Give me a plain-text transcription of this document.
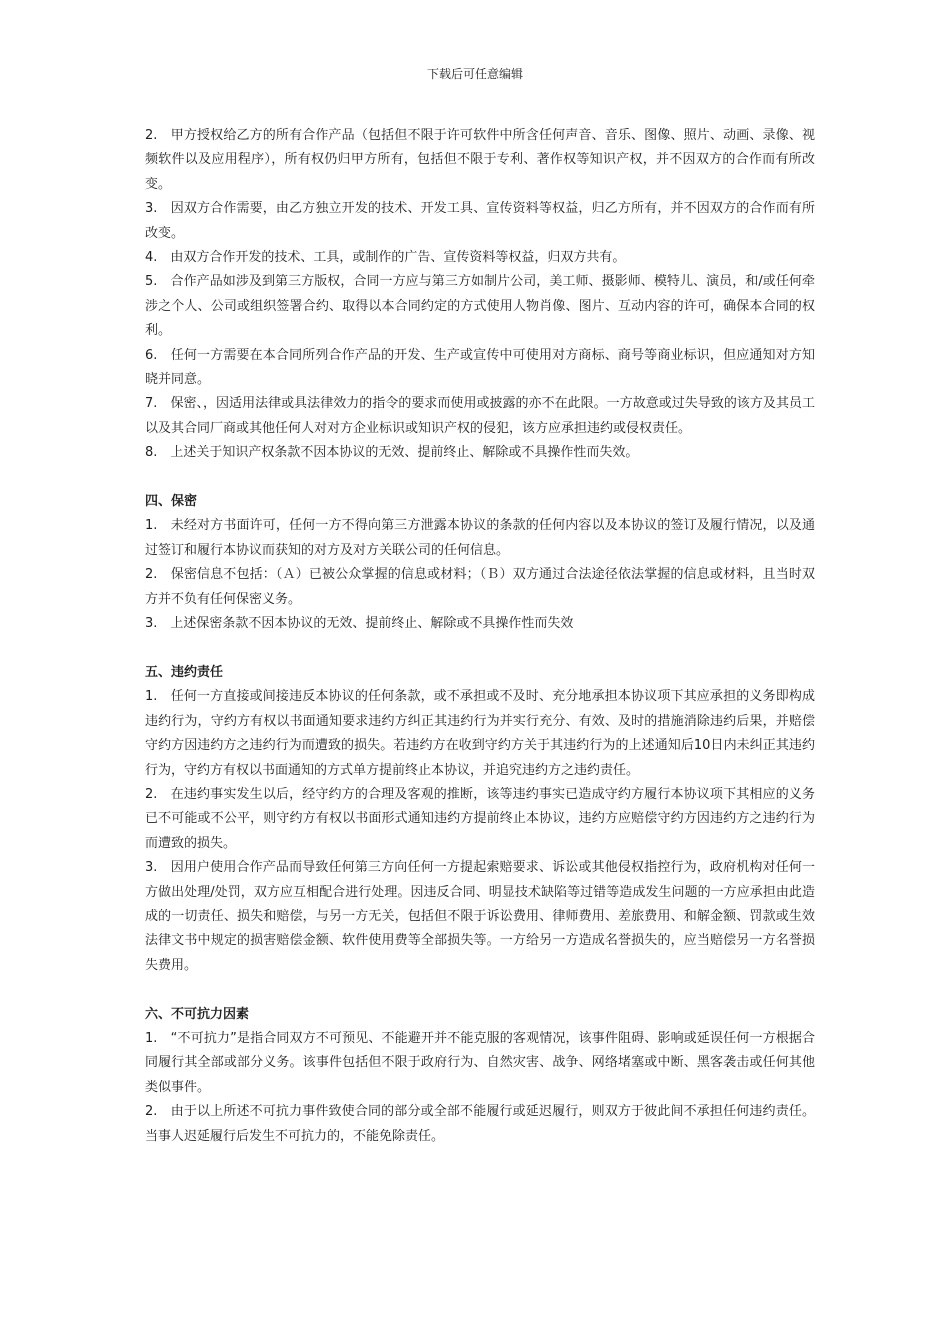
下载后可任意编辑

2.　甲方授权给乙方的所有合作产品（包括但不限于许可软件中所含任何声音、音乐、图像、照片、动画、录像、视频软件以及应用程序），所有权仍归甲方所有，包括但不限于专利、著作权等知识产权，并不因双方的合作而有所改变。

3.　因双方合作需要，由乙方独立开发的技术、开发工具、宣传资料等权益，归乙方所有，并不因双方的合作而有所改变。

4.　由双方合作开发的技术、工具，或制作的广告、宣传资料等权益，归双方共有。

5.　合作产品如涉及到第三方版权，合同一方应与第三方如制片公司，美工师、摄影师、模特儿、演员，和/或任何牵涉之个人、公司或组织签署合约、取得以本合同约定的方式使用人物肖像、图片、互动内容的许可，确保本合同的权利。

6.　任何一方需要在本合同所列合作产品的开发、生产或宣传中可使用对方商标、商号等商业标识，但应通知对方知晓并同意。

7.　保密、，因适用法律或具法律效力的指令的要求而使用或披露的亦不在此限。一方故意或过失导致的该方及其员工以及其合同厂商或其他任何人对对方企业标识或知识产权的侵犯，该方应承担违约或侵权责任。

8.　上述关于知识产权条款不因本协议的无效、提前终止、解除或不具操作性而失效。

四、保密

1.　未经对方书面许可，任何一方不得向第三方泄露本协议的条款的任何内容以及本协议的签订及履行情况，以及通过签订和履行本协议而获知的对方及对方关联公司的任何信息。

2.　保密信息不包括：（Ａ）已被公众掌握的信息或材料；（Ｂ）双方通过合法途径依法掌握的信息或材料，且当时双方并不负有任何保密义务。

3.　上述保密条款不因本协议的无效、提前终止、解除或不具操作性而失效

五、违约责任

1.　任何一方直接或间接违反本协议的任何条款，或不承担或不及时、充分地承担本协议项下其应承担的义务即构成违约行为，守约方有权以书面通知要求违约方纠正其违约行为并实行充分、有效、及时的措施消除违约后果，并赔偿守约方因违约方之违约行为而遭致的损失。若违约方在收到守约方关于其违约行为的上述通知后10日内未纠正其违约行为，守约方有权以书面通知的方式单方提前终止本协议，并追究违约方之违约责任。

2.　在违约事实发生以后，经守约方的合理及客观的推断，该等违约事实已造成守约方履行本协议项下其相应的义务已不可能或不公平，则守约方有权以书面形式通知违约方提前终止本协议，违约方应赔偿守约方因违约方之违约行为而遭致的损失。

3.　因用户使用合作产品而导致任何第三方向任何一方提起索赔要求、诉讼或其他侵权指控行为，政府机构对任何一方做出处理/处罚，双方应互相配合进行处理。因违反合同、明显技术缺陷等过错等造成发生问题的一方应承担由此造成的一切责任、损失和赔偿，与另一方无关，包括但不限于诉讼费用、律师费用、差旅费用、和解金额、罚款或生效法律文书中规定的损害赔偿金额、软件使用费等全部损失等。一方给另一方造成名誉损失的，应当赔偿另一方名誉损失费用。

六、不可抗力因素

1.　“不可抗力”是指合同双方不可预见、不能避开并不能克服的客观情况，该事件阻碍、影响或延误任何一方根据合同履行其全部或部分义务。该事件包括但不限于政府行为、自然灾害、战争、网络堵塞或中断、黑客袭击或任何其他类似事件。

2.　由于以上所述不可抗力事件致使合同的部分或全部不能履行或延迟履行，则双方于彼此间不承担任何违约责任。当事人迟延履行后发生不可抗力的，不能免除责任。
